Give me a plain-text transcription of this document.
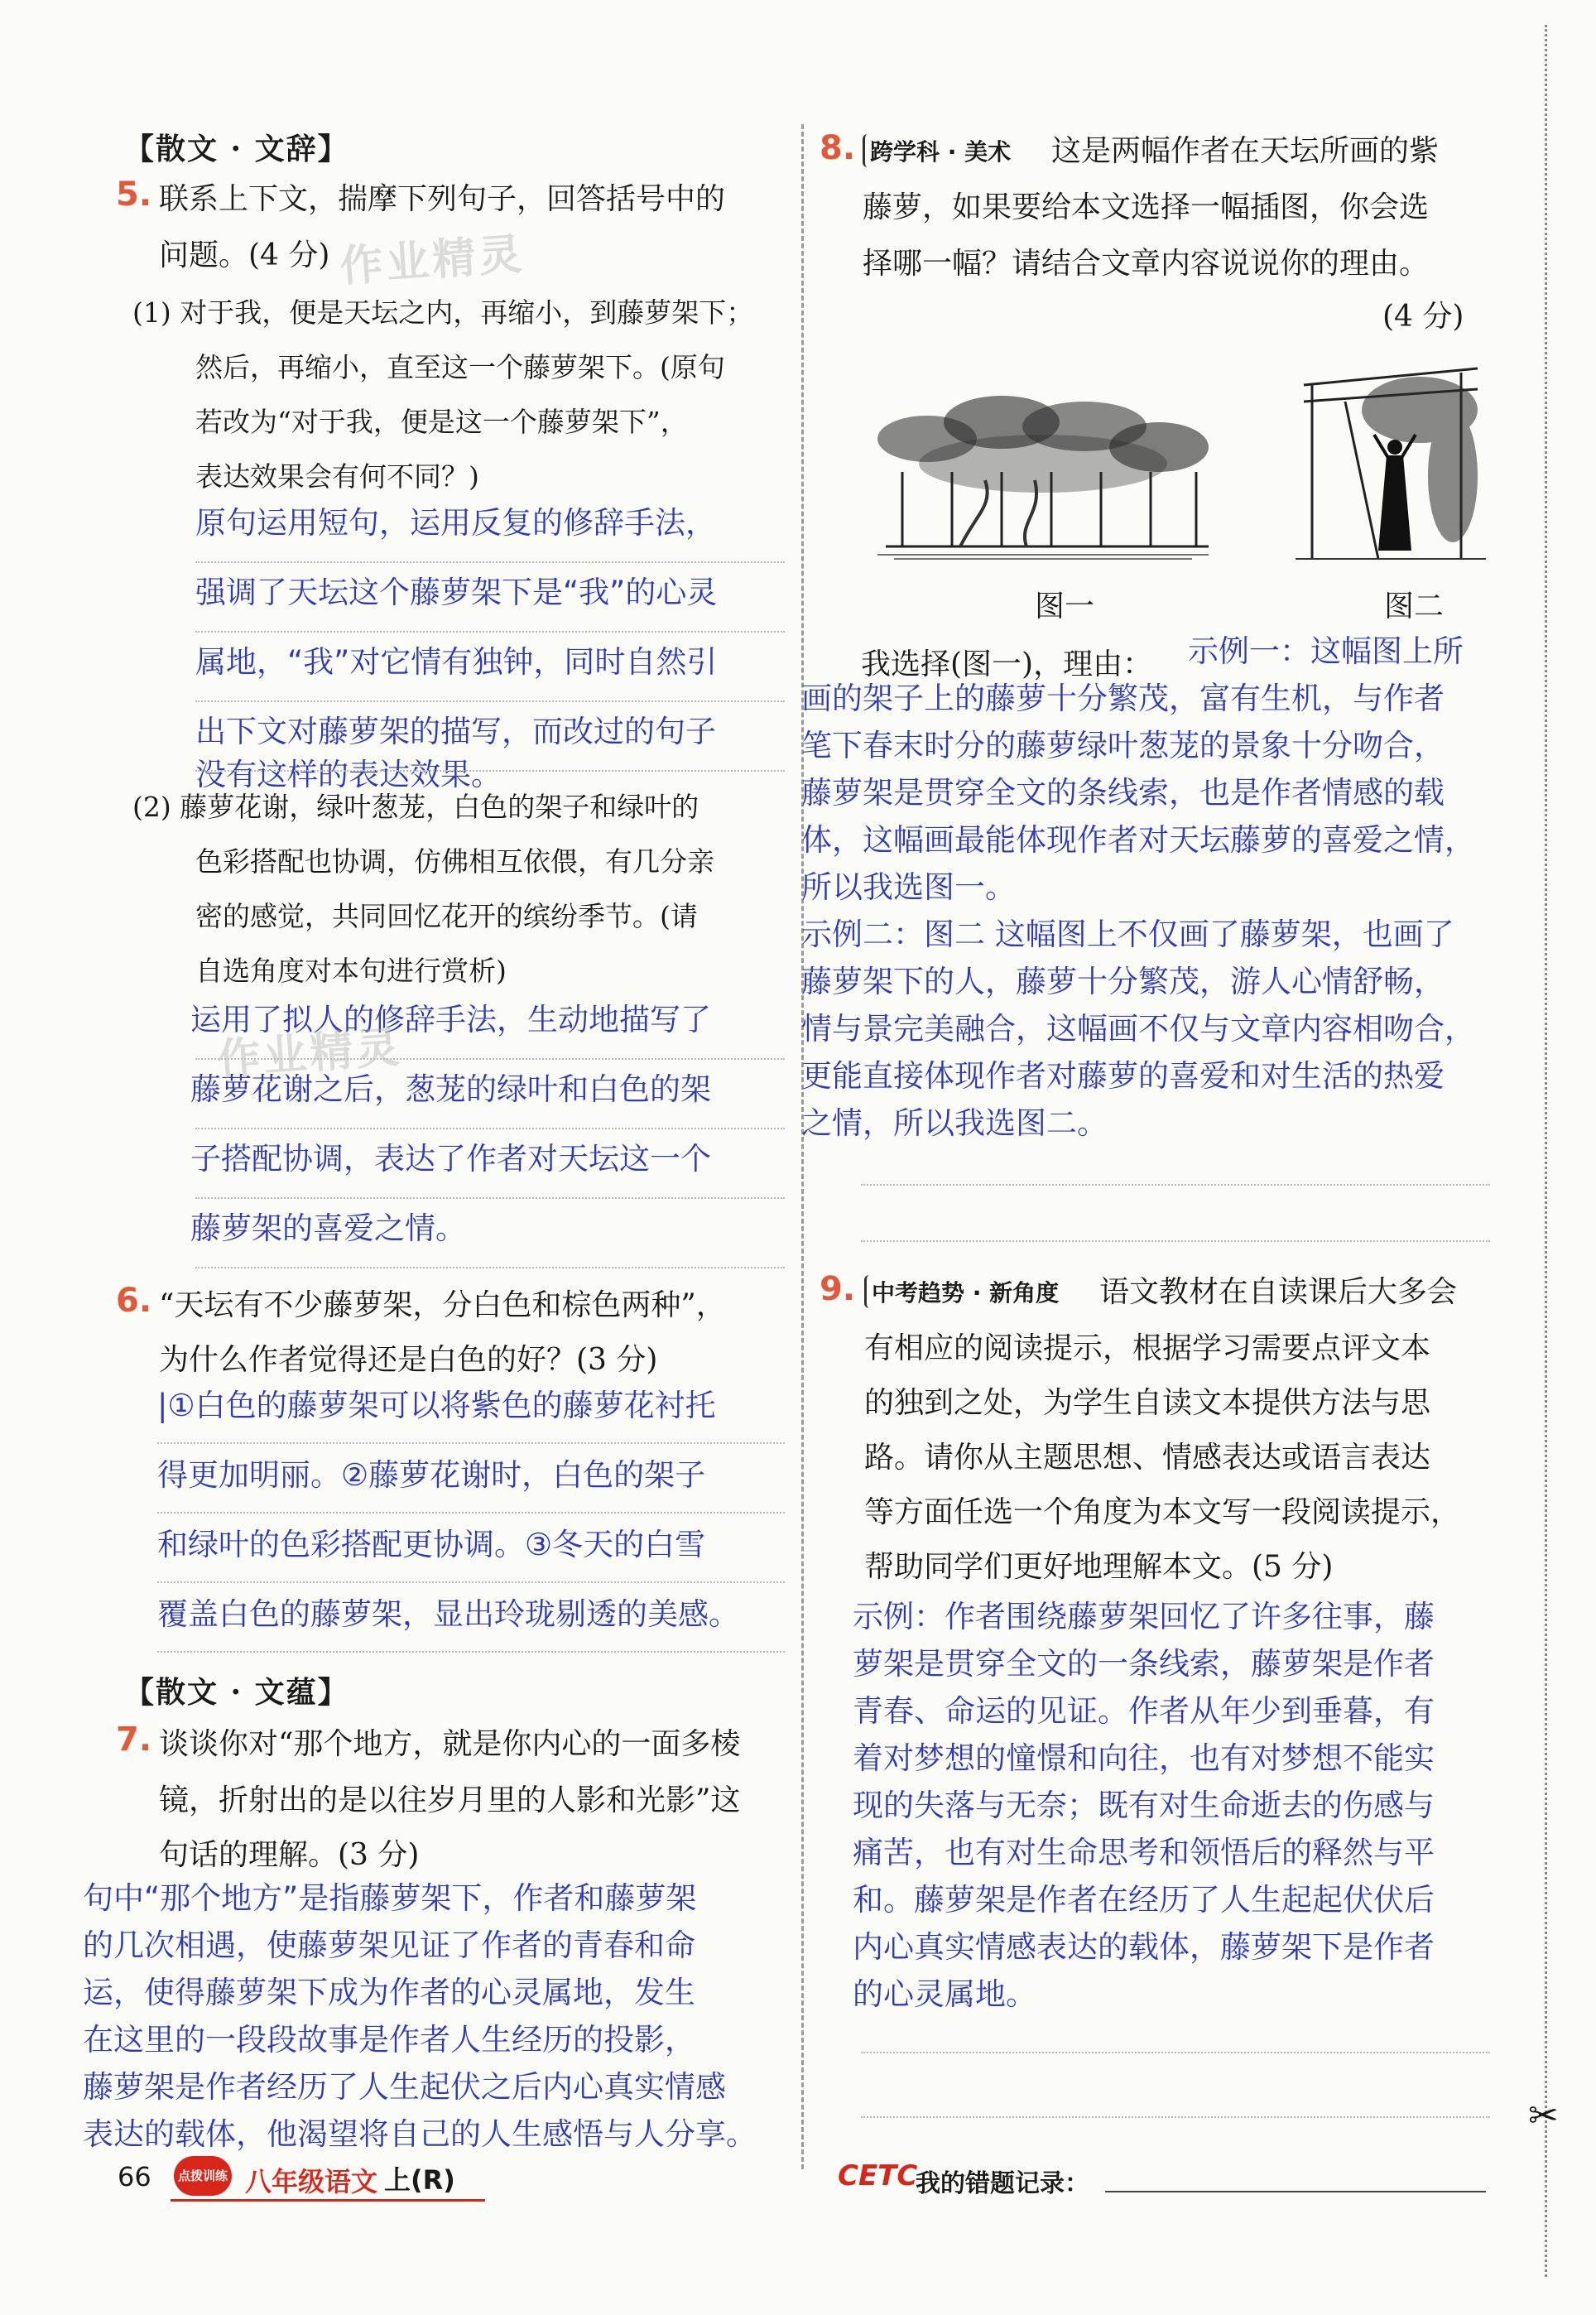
✂
【散文 · 文辞】
5. 联系上下文，揣摩下列句子，回答括号中的
问题。(4 分) 作业精灵
(1) 对于我，便是天坛之内，再缩小，到藤萝架下；
然后，再缩小，直至这一个藤萝架下。(原句
若改为“对于我，便是这一个藤萝架下”，
表达效果会有何不同？)
原句运用短句，运用反复的修辞手法，
强调了天坛这个藤萝架下是“我”的心灵
属地，“我”对它情有独钟，同时自然引
出下文对藤萝架的描写，而改过的句子
没有这样的表达效果。
(2) 藤萝花谢，绿叶葱茏，白色的架子和绿叶的
色彩搭配也协调，仿佛相互依偎，有几分亲
密的感觉，共同回忆花开的缤纷季节。(请
自选角度对本句进行赏析)
运用了拟人的修辞手法，生动地描写了
藤萝花谢之后，葱茏的绿叶和白色的架
子搭配协调，表达了作者对天坛这一个
藤萝架的喜爱之情。
作业精灵
6. “天坛有不少藤萝架，分白色和棕色两种”，
为什么作者觉得还是白色的好？(3 分)
|①白色的藤萝架可以将紫色的藤萝花衬托
得更加明丽。②藤萝花谢时，白色的架子
和绿叶的色彩搭配更协调。③冬天的白雪
覆盖白色的藤萝架，显出玲珑剔透的美感。
【散文 · 文蕴】
7. 谈谈你对“那个地方，就是你内心的一面多棱
镜，折射出的是以往岁月里的人影和光影”这
句话的理解。(3 分)
句中“那个地方”是指藤萝架下，作者和藤萝架
的几次相遇，使藤萝架见证了作者的青春和命
运，使得藤萝架下成为作者的心灵属地，发生
在这里的一段段故事是作者人生经历的投影，
藤萝架是作者经历了人生起伏之后内心真实情感
表达的载体，他渴望将自己的人生感悟与人分享。
8. 跨学科 · 美术 这是两幅作者在天坛所画的紫
藤萝，如果要给本文选择一幅插图，你会选
择哪一幅？请结合文章内容说说你的理由。
(4 分)
图一	图二
我选择(图一)，理由： 示例一：这幅图上所
画的架子上的藤萝十分繁茂，富有生机，与作者
笔下春末时分的藤萝绿叶葱茏的景象十分吻合，
藤萝架是贯穿全文的条线索，也是作者情感的载
体，这幅画最能体现作者对天坛藤萝的喜爱之情，
所以我选图一。
示例二：图二 这幅图上不仅画了藤萝架，也画了
藤萝架下的人，藤萝十分繁茂，游人心情舒畅，
情与景完美融合，这幅画不仅与文章内容相吻合，
更能直接体现作者对藤萝的喜爱和对生活的热爱
之情，所以我选图二。
9. 中考趋势 · 新角度 语文教材在自读课后大多会
有相应的阅读提示，根据学习需要点评文本
的独到之处，为学生自读文本提供方法与思
路。请你从主题思想、情感表达或语言表达
等方面任选一个角度为本文写一段阅读提示，
帮助同学们更好地理解本文。(5 分)
示例：作者围绕藤萝架回忆了许多往事，藤
萝架是贯穿全文的一条线索，藤萝架是作者
青春、命运的见证。作者从年少到垂暮，有
着对梦想的憧憬和向往，也有对梦想不能实
现的失落与无奈；既有对生命逝去的伤感与
痛苦，也有对生命思考和领悟后的释然与平
和。藤萝架是作者在经历了人生起起伏伏后
内心真实情感表达的载体，藤萝架下是作者
的心灵属地。
66	点拨训练 八年级语文 上(R)	CETC
我的错题记录：
